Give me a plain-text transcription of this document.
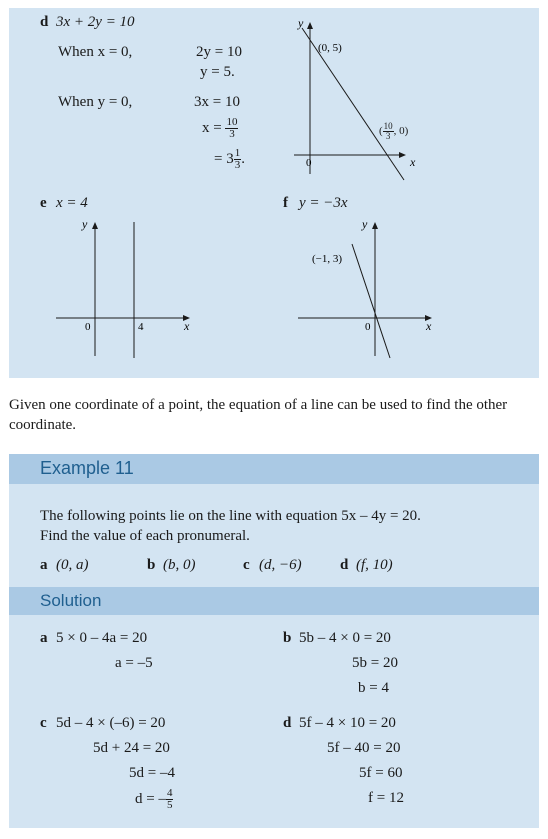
d 3x + 2y = 10
When x = 0,	2y = 10
y = 5.
When y = 0,	3x = 10
$x = \frac{10}{3}$
= $3 \frac{1}{3}$ .
y
x
0
(0, 5)
( $\frac{10}{3}$ , 0)
e x = 4
y
x
0	4
f y = −3x
y
x
0
(−1, 3)
Given one coordinate of a point, the equation of a line can be used to find the other coordinate.
Example 11
The following points lie on the line with equation 5x – 4y = 20.
Find the value of each pronumeral.
a (0, a)	b (b, 0)	c (d, −6)	d (f, 10)
Solution
a 5 × 0 – 4a = 20
a = –5
b 5b – 4 × 0 = 20
5b = 20
b = 4
c 5d – 4 × (–6) = 20
5d + 24 = 20
5d = –4
d = – $\frac{4}{5}$
d 5f – 4 × 10 = 20
5f – 40 = 20
5f = 60
f = 12
